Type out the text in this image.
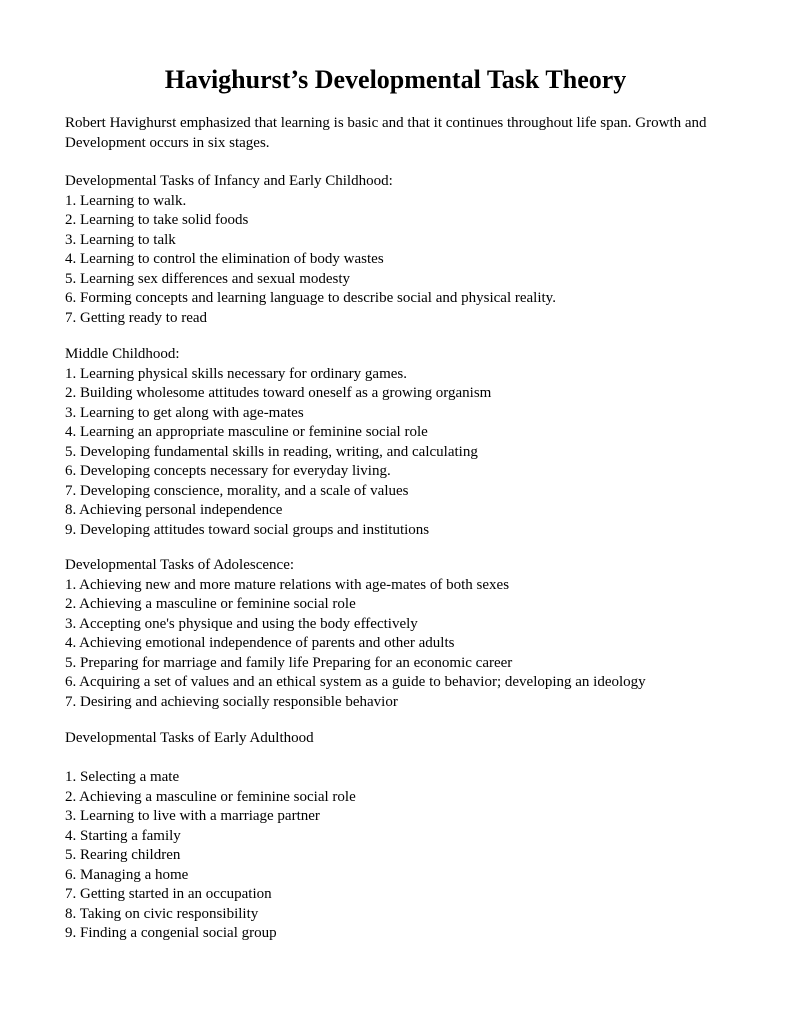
Havighurst’s Developmental Task Theory

Robert Havighurst emphasized that learning is basic and that it continues throughout life span. Growth and Development occurs in six stages.

Developmental Tasks of Infancy and Early Childhood:
1. Learning to walk.
2. Learning to take solid foods
3. Learning to talk
4. Learning to control the elimination of body wastes
5. Learning sex differences and sexual modesty
6. Forming concepts and learning language to describe social and physical reality.
7. Getting ready to read
Middle Childhood:
1. Learning physical skills necessary for ordinary games.
2. Building wholesome attitudes toward oneself as a growing organism
3. Learning to get along with age-mates
4. Learning an appropriate masculine or feminine social role
5. Developing fundamental skills in reading, writing, and calculating
6. Developing concepts necessary for everyday living.
7. Developing conscience, morality, and a scale of values
8. Achieving personal independence
9. Developing attitudes toward social groups and institutions
Developmental Tasks of Adolescence:
1. Achieving new and more mature relations with age-mates of both sexes
2. Achieving a masculine or feminine social role
3. Accepting one's physique and using the body effectively
4. Achieving emotional independence of parents and other adults
5. Preparing for marriage and family life Preparing for an economic career
6. Acquiring a set of values and an ethical system as a guide to behavior; developing an ideology
7. Desiring and achieving socially responsible behavior
Developmental Tasks of Early Adulthood
1. Selecting a mate
2. Achieving a masculine or feminine social role
3. Learning to live with a marriage partner
4. Starting a family
5. Rearing children
6. Managing a home
7. Getting started in an occupation
8. Taking on civic responsibility
9. Finding a congenial social group
